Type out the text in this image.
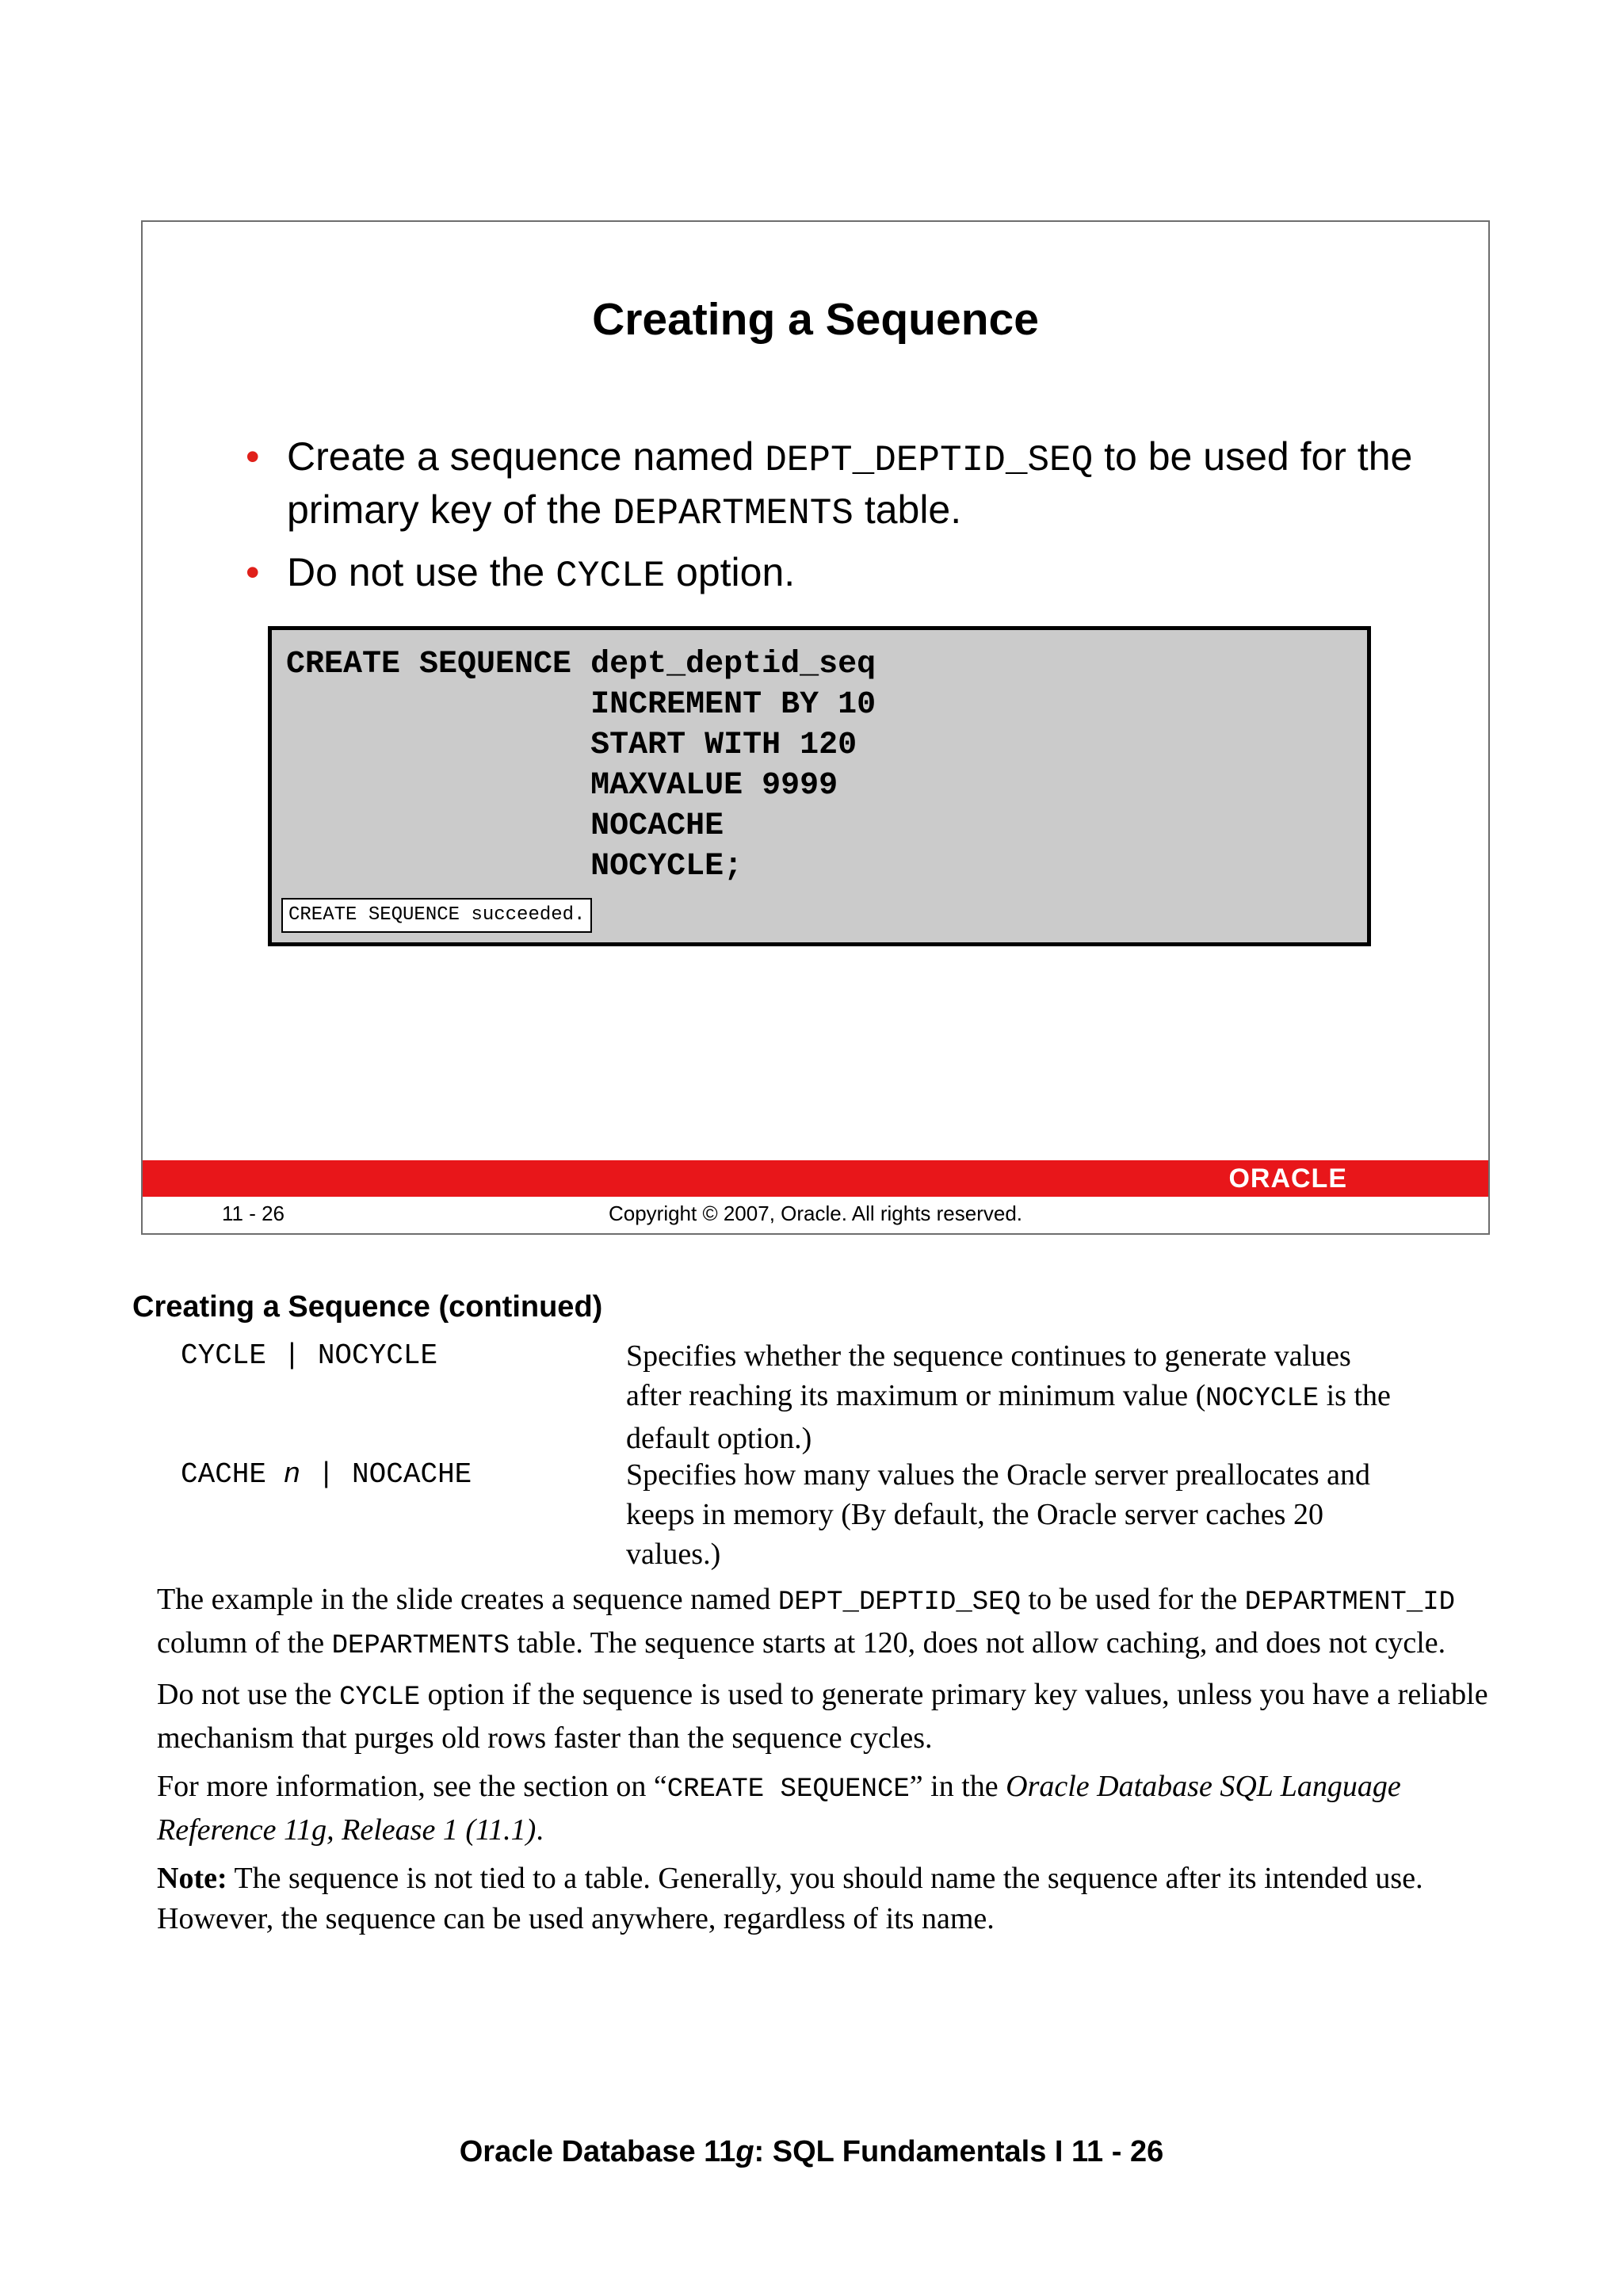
Creating a Sequence
• Create a sequence named DEPT_DEPTID_SEQ to be used for the primary key of the DEPARTMENTS table.
• Do not use the CYCLE option.
CREATE SEQUENCE dept_deptid_seq
INCREMENT BY 10
START WITH 120
MAXVALUE 9999
NOCACHE
NOCYCLE;
CREATE SEQUENCE succeeded.
ORACLE
11 - 26	Copyright © 2007, Oracle. All rights reserved.
Creating a Sequence (continued)
CYCLE | NOCYCLE	Specifies whether the sequence continues to generate values after reaching its maximum or minimum value (NOCYCLE is the default option.)
CACHE n | NOCACHE	Specifies how many values the Oracle server preallocates and keeps in memory (By default, the Oracle server caches 20 values.)

The example in the slide creates a sequence named DEPT_DEPTID_SEQ to be used for the DEPARTMENT_ID column of the DEPARTMENTS table. The sequence starts at 120, does not allow caching, and does not cycle.

Do not use the CYCLE option if the sequence is used to generate primary key values, unless you have a reliable mechanism that purges old rows faster than the sequence cycles.

For more information, see the section on “CREATE SEQUENCE” in the Oracle Database SQL Language Reference 11g, Release 1 (11.1).

Note: The sequence is not tied to a table. Generally, you should name the sequence after its intended use. However, the sequence can be used anywhere, regardless of its name.

Oracle Database 11g: SQL Fundamentals I 11 - 26
